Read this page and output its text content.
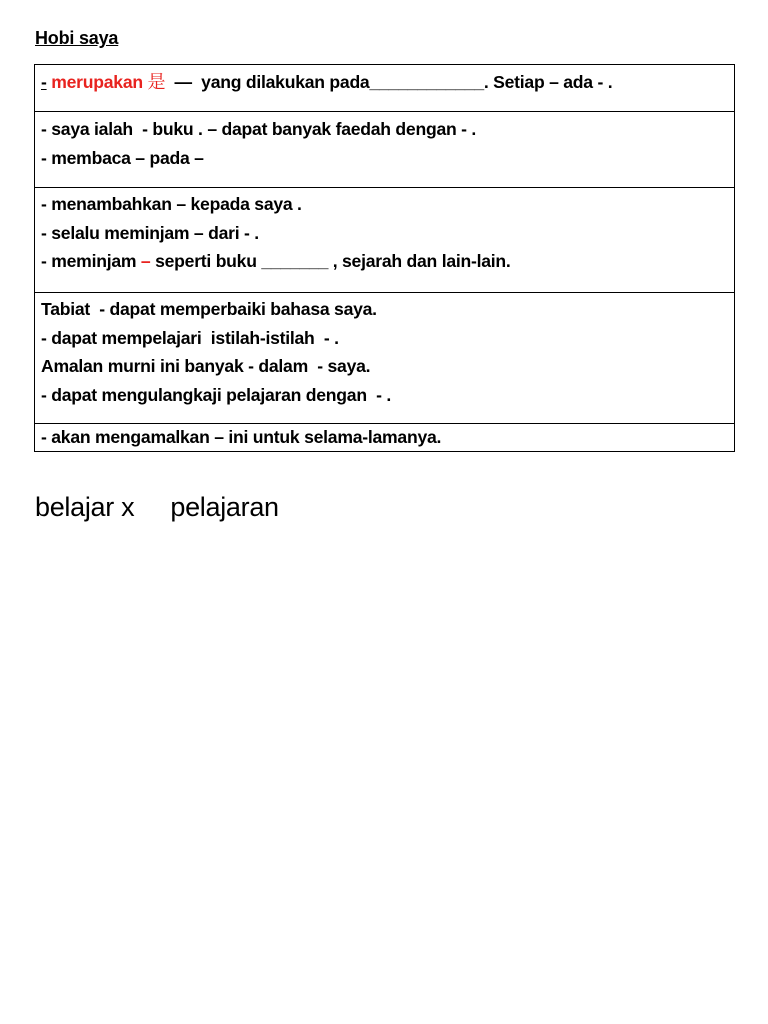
Hobi saya
- merupakan 是  —  yang dilakukan pada____________. Setiap – ada - .

- saya ialah  - buku . – dapat banyak faedah dengan - .
- membaca – pada –

- menambahkan – kepada saya .
- selalu meminjam – dari - .
- meminjam – seperti buku _______ , sejarah dan lain-lain.

Tabiat  - dapat memperbaiki bahasa saya.
- dapat mempelajari  istilah-istilah  - .
Amalan murni ini banyak - dalam  - saya.
- dapat mengulangkaji pelajaran dengan  - .

- akan mengamalkan – ini untuk selama-lamanya.
belajar x     pelajaran
